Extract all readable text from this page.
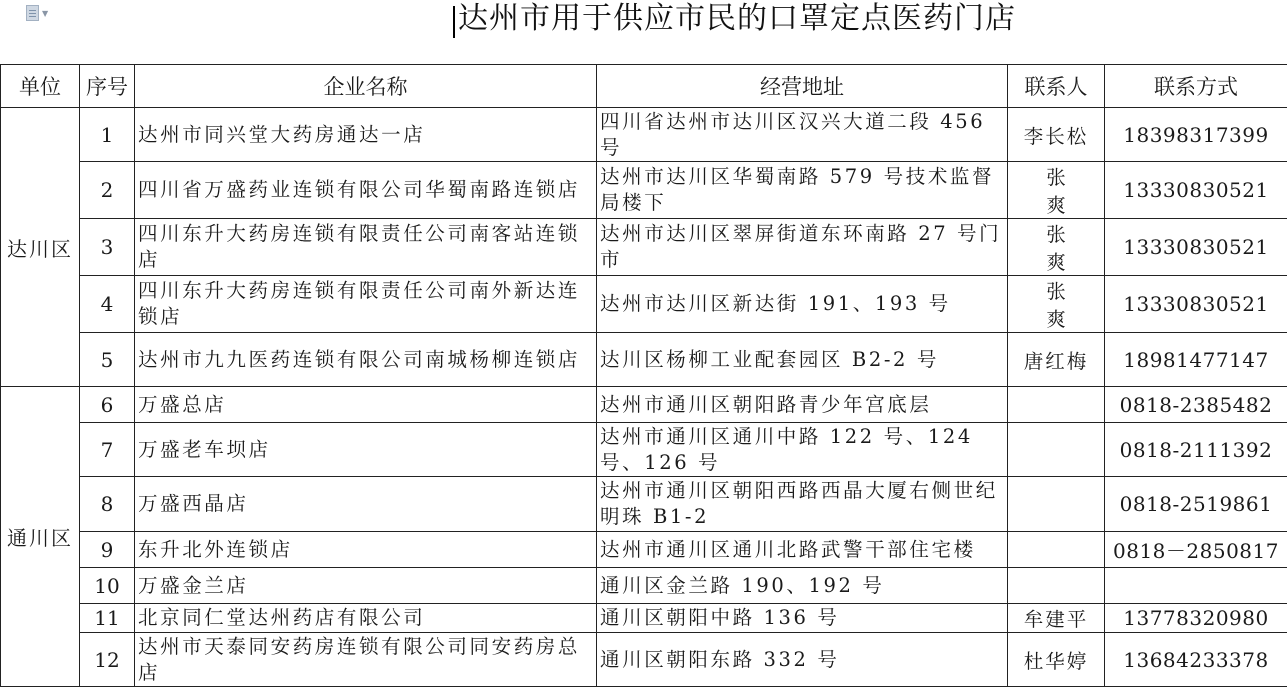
▼	达州市用于供应市民的口罩定点医药门店
单位	序号	企业名称	经营地址	联系人	联系方式
达川区	1	达州市同兴堂大药房通达一店	四川省达州市达川区汉兴大道二段 456 号	李长松	18398317399
	2	四川省万盛药业连锁有限公司华蜀南路连锁店	达州市达川区华蜀南路 579 号技术监督局楼下	张爽	13330830521
	3	四川东升大药房连锁有限责任公司南客站连锁店	达州市达川区翠屏街道东环南路 27 号门市	张爽	13330830521
	4	四川东升大药房连锁有限责任公司南外新达连锁店	达州市达川区新达街 191、193 号	张爽	13330830521
	5	达州市九九医药连锁有限公司南城杨柳连锁店	达川区杨柳工业配套园区 B2-2 号	唐红梅	18981477147
通川区	6	万盛总店	达州市通川区朝阳路青少年宫底层		0818-2385482
	7	万盛老车坝店	达州市通川区通川中路 122 号、124 号、126 号		0818-2111392
	8	万盛西晶店	达州市通川区朝阳西路西晶大厦右侧世纪明珠 B1-2		0818-2519861
	9	东升北外连锁店	达州市通川区通川北路武警干部住宅楼		0818－2850817
	10	万盛金兰店	通川区金兰路 190、192 号		
	11	北京同仁堂达州药店有限公司	通川区朝阳中路 136 号	牟建平	13778320980
	12	达州市天泰同安药房连锁有限公司同安药房总店	通川区朝阳东路 332 号	杜华婷	13684233378
